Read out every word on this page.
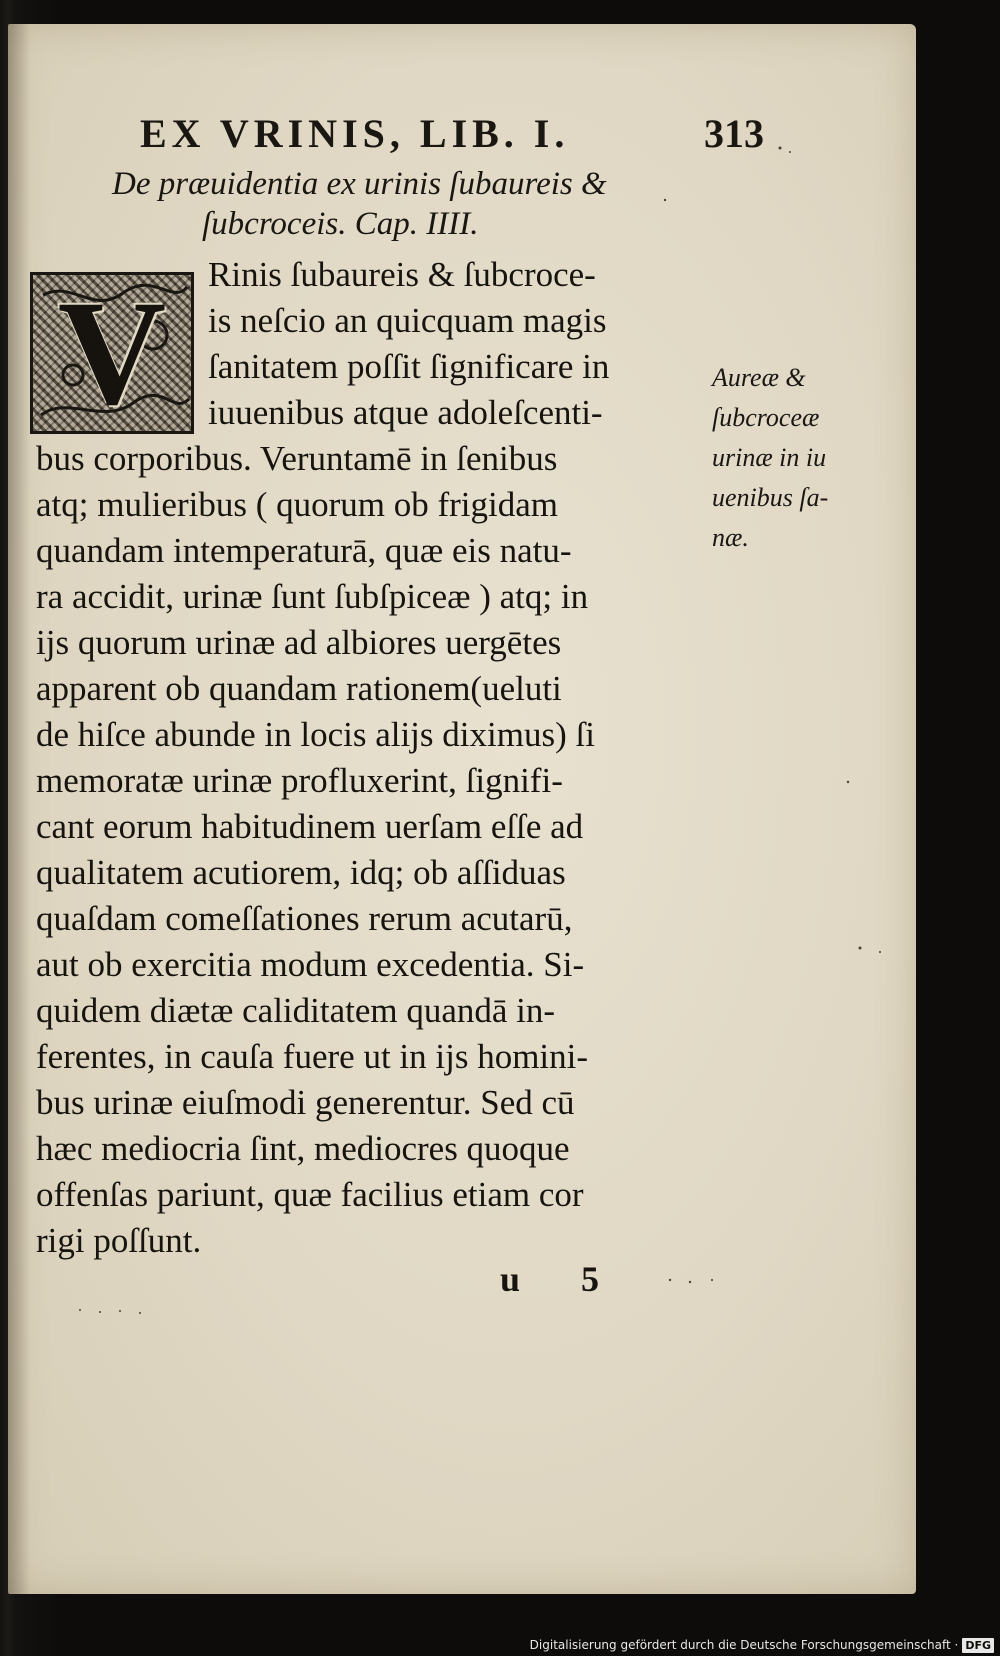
EX VRINIS, LIB. I.	313
De præuidentia ex urinis ſubaureis &
ſubcroceis. Cap. IIII.
V	Rinis ſubaureis & ſubcroce-
is neſcio an quicquam magis
ſanitatem poſſit ſignificare in
iuuenibus atque adoleſcenti-
bus corporibus. Veruntamē in ſenibus
atq; mulieribus ( quorum ob frigidam
quandam intemperaturā, quæ eis natu-
ra accidit, urinæ ſunt ſubſpiceæ ) atq; in
ijs quorum urinæ ad albiores uergētes
apparent ob quandam rationem(ueluti
de hiſce abunde in locis alijs diximus) ſi
memoratæ urinæ profluxerint, ſignifi-
cant eorum habitudinem uerſam eſſe ad
qualitatem acutiorem, idq; ob aſſiduas
quaſdam comeſſationes rerum acutarū,
aut ob exercitia modum excedentia. Si-
quidem diætæ caliditatem quandā in-
ferentes, in cauſa fuere ut in ijs homini-
bus urinæ eiuſmodi generentur. Sed cū
hæc mediocria ſint, mediocres quoque
offenſas pariunt, quæ facilius etiam cor
rigi poſſunt.
Aureæ &
ſubcroceæ
urinæ in iu
uenibus ſa-
næ.
u 5
Digitalisierung gefördert durch die Deutsche Forschungsgemeinschaft · DFG
